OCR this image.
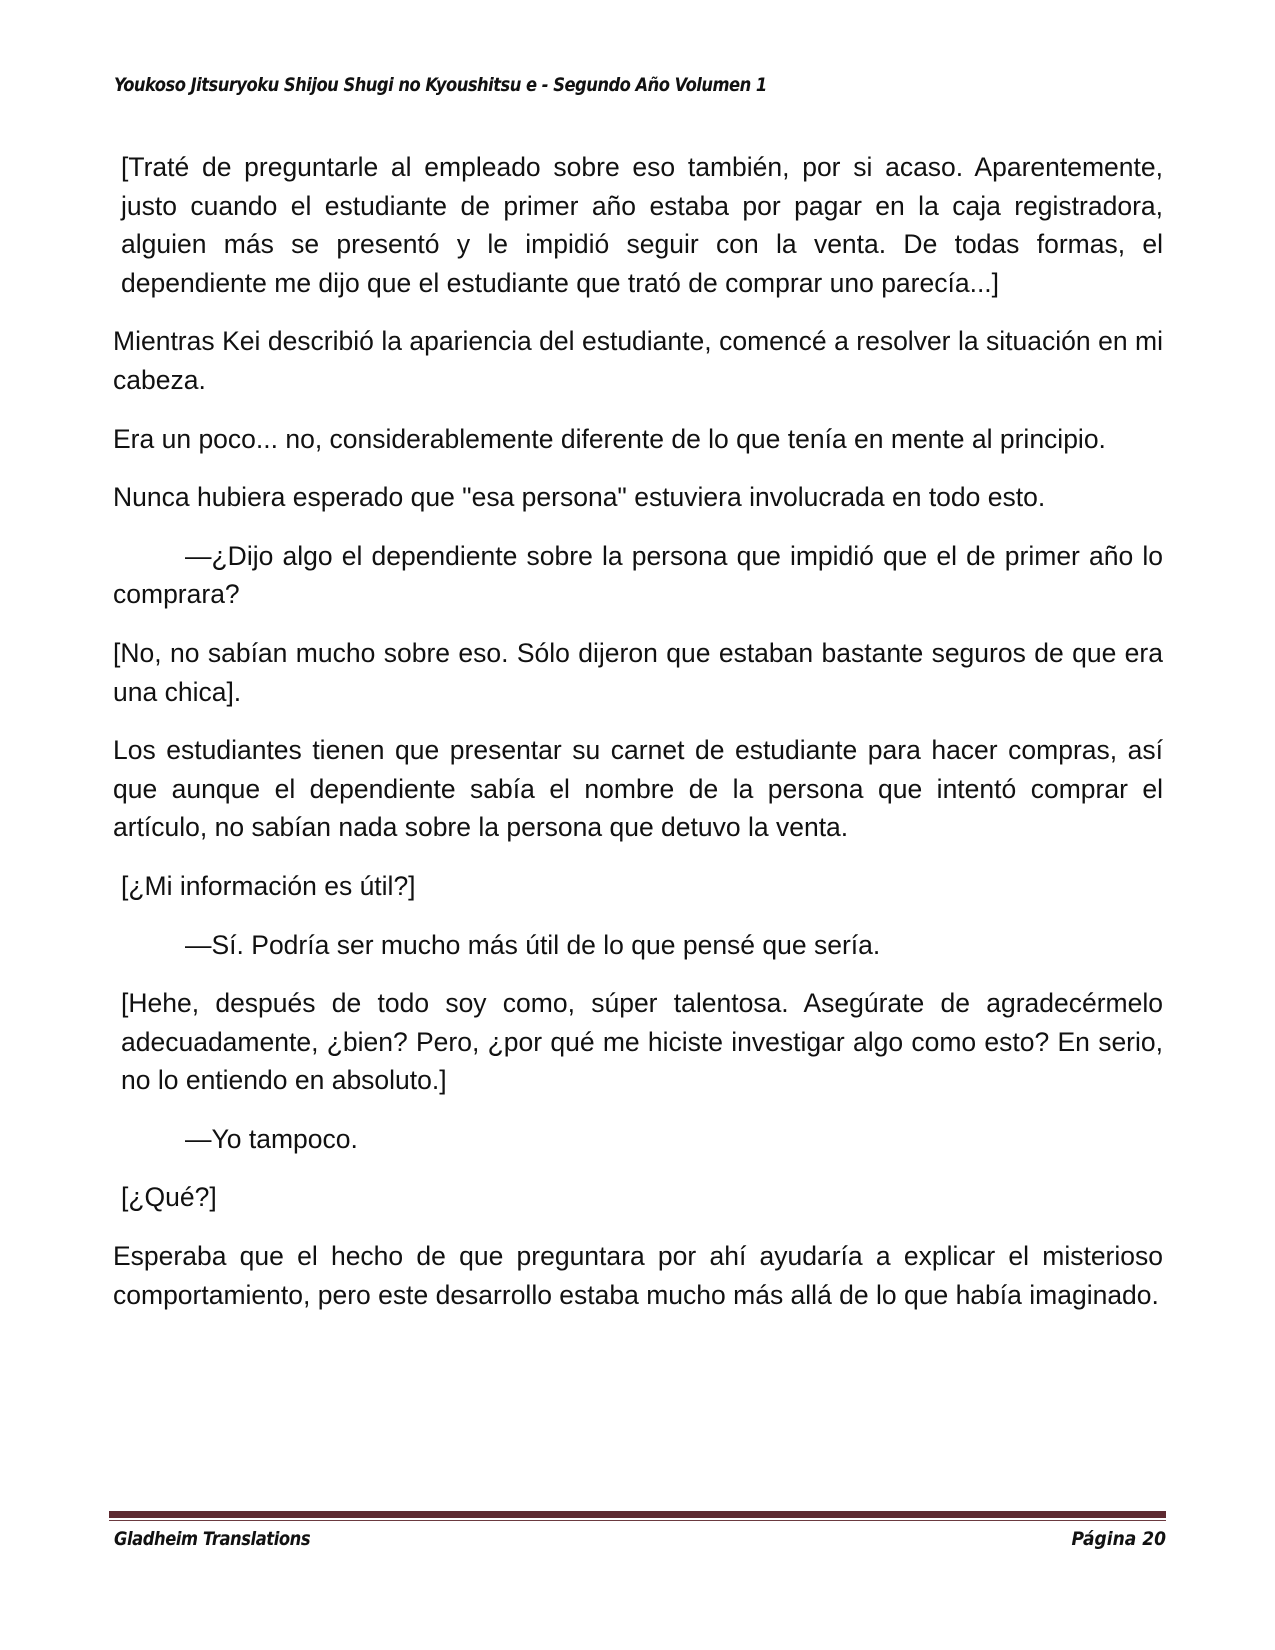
Youkoso Jitsuryoku Shijou Shugi no Kyoushitsu e - Segundo Año Volumen 1

[Traté de preguntarle al empleado sobre eso también, por si acaso. Aparentemente, justo cuando el estudiante de primer año estaba por pagar en la caja registradora, alguien más se presentó y le impidió seguir con la venta. De todas formas, el dependiente me dijo que el estudiante que trató de comprar uno parecía...]

Mientras Kei describió la apariencia del estudiante, comencé a resolver la situación en mi cabeza.

Era un poco... no, considerablemente diferente de lo que tenía en mente al principio.

Nunca hubiera esperado que "esa persona" estuviera involucrada en todo esto.

—¿Dijo algo el dependiente sobre la persona que impidió que el de primer año lo comprara?

[No, no sabían mucho sobre eso. Sólo dijeron que estaban bastante seguros de que era una chica].

Los estudiantes tienen que presentar su carnet de estudiante para hacer compras, así que aunque el dependiente sabía el nombre de la persona que intentó comprar el artículo, no sabían nada sobre la persona que detuvo la venta.

[¿Mi información es útil?]

—Sí. Podría ser mucho más útil de lo que pensé que sería.

[Hehe, después de todo soy como, súper talentosa. Asegúrate de agradecérmelo adecuadamente, ¿bien? Pero, ¿por qué me hiciste investigar algo como esto? En serio, no lo entiendo en absoluto.]

—Yo tampoco.

[¿Qué?]

Esperaba que el hecho de que preguntara por ahí ayudaría a explicar el misterioso comportamiento, pero este desarrollo estaba mucho más allá de lo que había imaginado.

Gladheim Translations	Página 20
